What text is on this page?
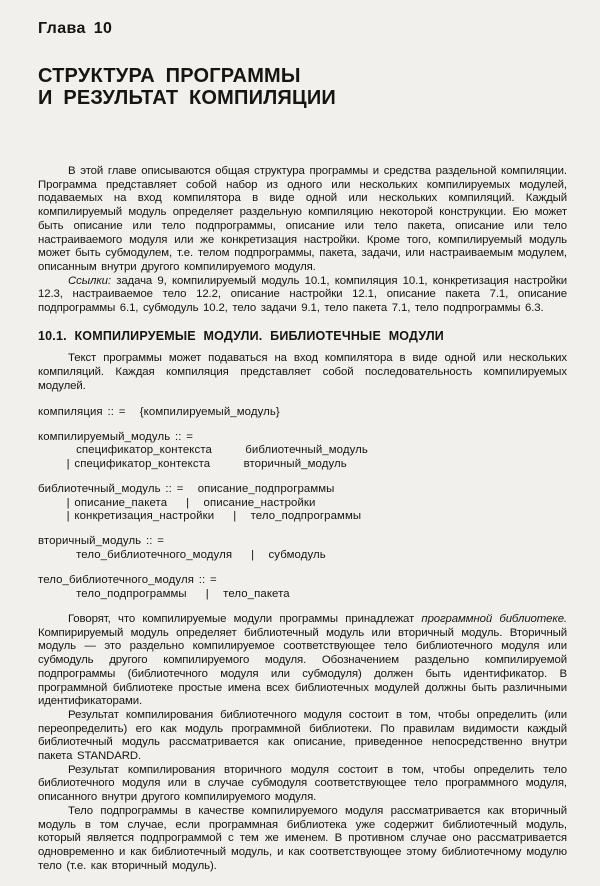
Глава 10
СТРУКТУРА ПРОГРАММЫ
И РЕЗУЛЬТАТ КОМПИЛЯЦИИ

В этой главе описываются общая структура программы и средства раздельной компиляции. Программа представляет собой набор из одного или нескольких компилируемых модулей, подаваемых на вход компилятора в виде одной или нескольких компиляций. Каждый компилируемый модуль определяет раздельную компиляцию некоторой конструкции. Ею может быть описание или тело подпрограммы, описание или тело пакета, описание или тело настраиваемого модуля или же конкретизация настройки. Кроме того, компилируемый модуль может быть субмодулем, т.е. телом подпрограммы, пакета, задачи, или настраиваемым модулем, описанным внутри другого компилируемого модуля.

Ссылки: задача 9, компилируемый модуль 10.1, компиляция 10.1, конкретизация настройки 12.3, настраиваемое тело 12.2, описание настройки 12.1, описание пакета 7.1, описание подпрограммы 6.1, субмодуль 10.2, тело задачи 9.1, тело пакета 7.1, тело подпрограммы 6.3.

10.1. КОМПИЛИРУЕМЫЕ МОДУЛИ. БИБЛИОТЕЧНЫЕ МОДУЛИ

Текст программы может подаваться на вход компилятора в виде одной или нескольких компиляций. Каждая компиляция представляет собой последовательность компилируемых модулей.

компиляция :: =   {компилируемый_модуль}
компилируемый_модуль :: =
спецификатор_контекста       библиотечный_модуль
| спецификатор_контекста       вторичный_модуль
библиотечный_модуль :: =   описание_подпрограммы
| описание_пакета    |   описание_настройки
| конкретизация_настройки    |   тело_подпрограммы
вторичный_модуль :: =
тело_библиотечного_модуля    |   субмодуль
тело_библиотечного_модуля :: =
тело_подпрограммы    |   тело_пакета

Говорят, что компилируемые модули программы принадлежат программной библиотеке. Компирируемый модуль определяет библиотечный модуль или вторичный модуль. Вторичный модуль — это раздельно компилируемое соответствующее тело библиотечного модуля или субмодуль другого компилируемого модуля. Обозначением раздельно компилируемой подпрограммы (библиотечного модуля или субмодуля) должен быть идентификатор. В программной библиотеке простые имена всех библиотечных модулей должны быть различными идентификаторами.

Результат компилирования библиотечного модуля состоит в том, чтобы определить (или переопределить) его как модуль программной библиотеки. По правилам видимости каждый библиотечный модуль рассматривается как описание, приведенное непосредственно внутри пакета STANDARD.

Результат компилирования вторичного модуля состоит в том, чтобы определить тело библиотечного модуля или в случае субмодуля соответствующее тело программного модуля, описанного внутри другого компилируемого модуля.

Тело подпрограммы в качестве компилируемого модуля рассматривается как вторичный модуль в том случае, если программная библиотека уже содержит библиотечный модуль, который является подпрограммой с тем же именем. В противном случае оно рассматривается одновременно и как библиотечный модуль, и как соответствующее этому библиотечному модулю тело (т.е. как вторичный модуль).
